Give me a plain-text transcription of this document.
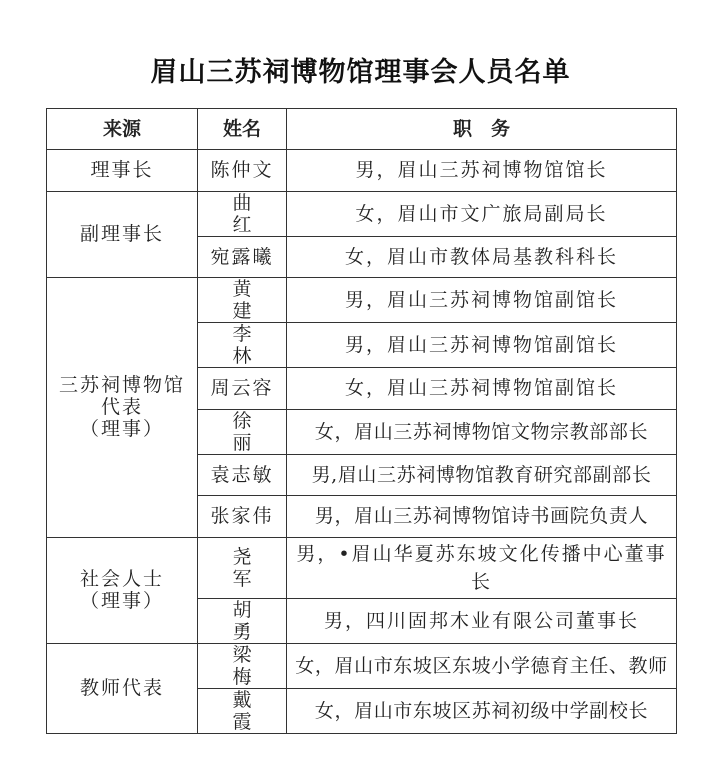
眉山三苏祠博物馆理事会人员名单
来源	姓名	职　务

理事长	陈仲文	男，眉山三苏祠博物馆馆长

副理事长	曲 红	女，眉山市文广旅局副局长
	宛露曦	女，眉山市教体局基教科科长

三苏祠博物馆
代表
（理事）	黄 建	男，眉山三苏祠博物馆副馆长
	李 林	男，眉山三苏祠博物馆副馆长
	周云容	女，眉山三苏祠博物馆副馆长
	徐 丽	女，眉山三苏祠博物馆文物宗教部部长
	袁志敏	男,眉山三苏祠博物馆教育研究部副部长
	张家伟	男，眉山三苏祠博物馆诗书画院负责人

社会人士
（理事）	尧 军	男，•眉山华夏苏东坡文化传播中心董事长
	胡 勇	男，四川固邦木业有限公司董事长

教师代表	梁 梅	女，眉山市东坡区东坡小学德育主任、教师
	戴 霞	女，眉山市东坡区苏祠初级中学副校长
